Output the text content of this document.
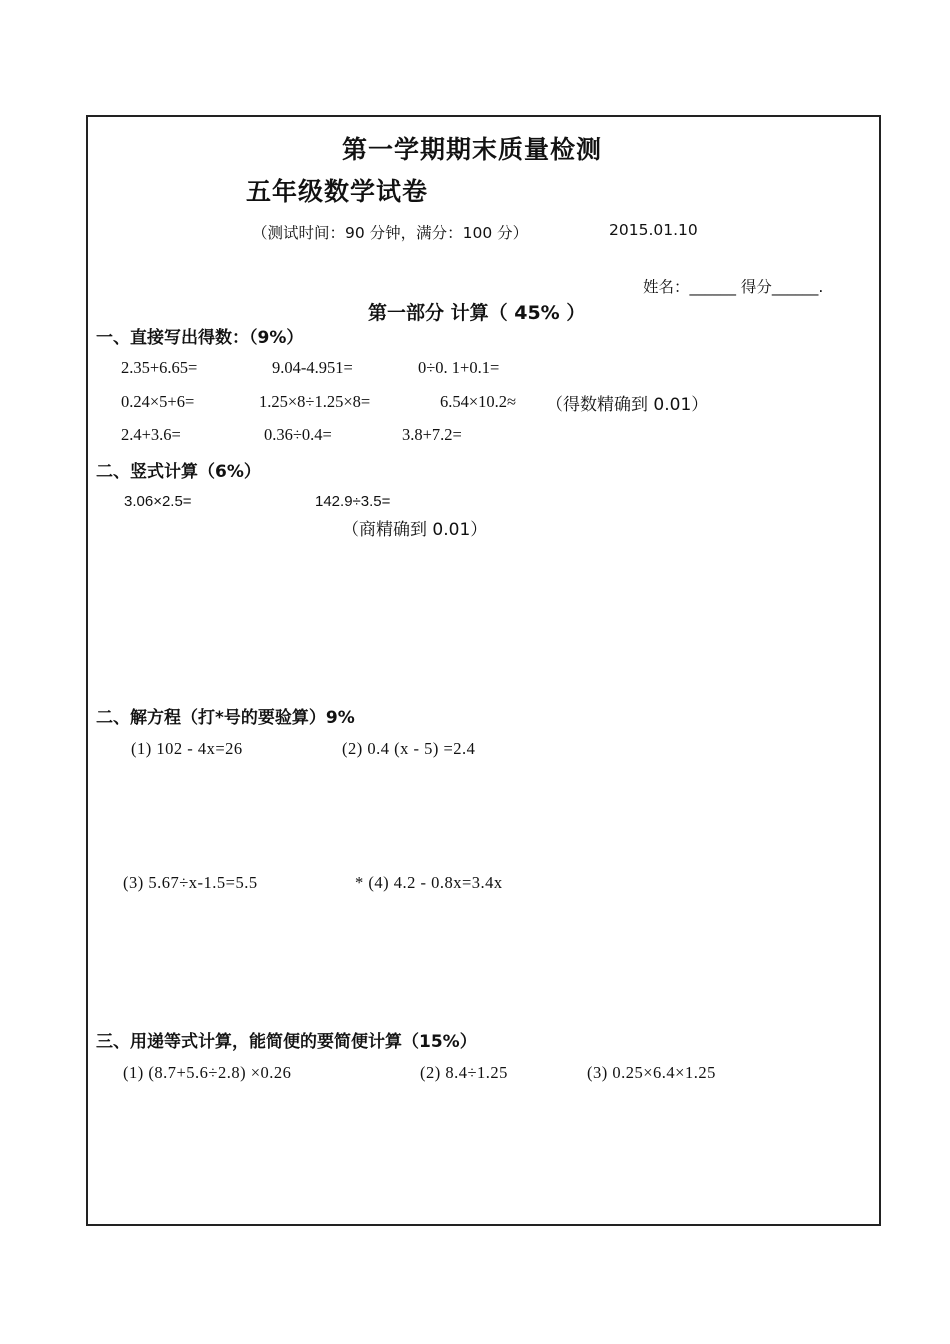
第一学期期末质量检测
五年级数学试卷
（测试时间：90 分钟，满分：100 分）	2015.01.10
姓名：______ 得分______.
第一部分 计算（ 45% ）
一、直接写出得数：（9%）
2.35+6.65=	9.04-4.951=	0÷0. 1+0.1=
0.24×5+6=	1.25×8÷1.25×8=	6.54×10.2≈ （得数精确到 0.01）
2.4+3.6=	0.36÷0.4=	3.8+7.2=
二、竖式计算（6%）
3.06×2.5=	142.9÷3.5=
（商精确到 0.01）
二、解方程（打*号的要验算）9%
(1) 102 - 4x=26	(2) 0.4 (x - 5) =2.4
(3) 5.67÷x-1.5=5.5	* (4) 4.2 - 0.8x=3.4x
三、用递等式计算，能简便的要简便计算（15%）
(1) (8.7+5.6÷2.8) ×0.26	(2) 8.4÷1.25	(3) 0.25×6.4×1.25
